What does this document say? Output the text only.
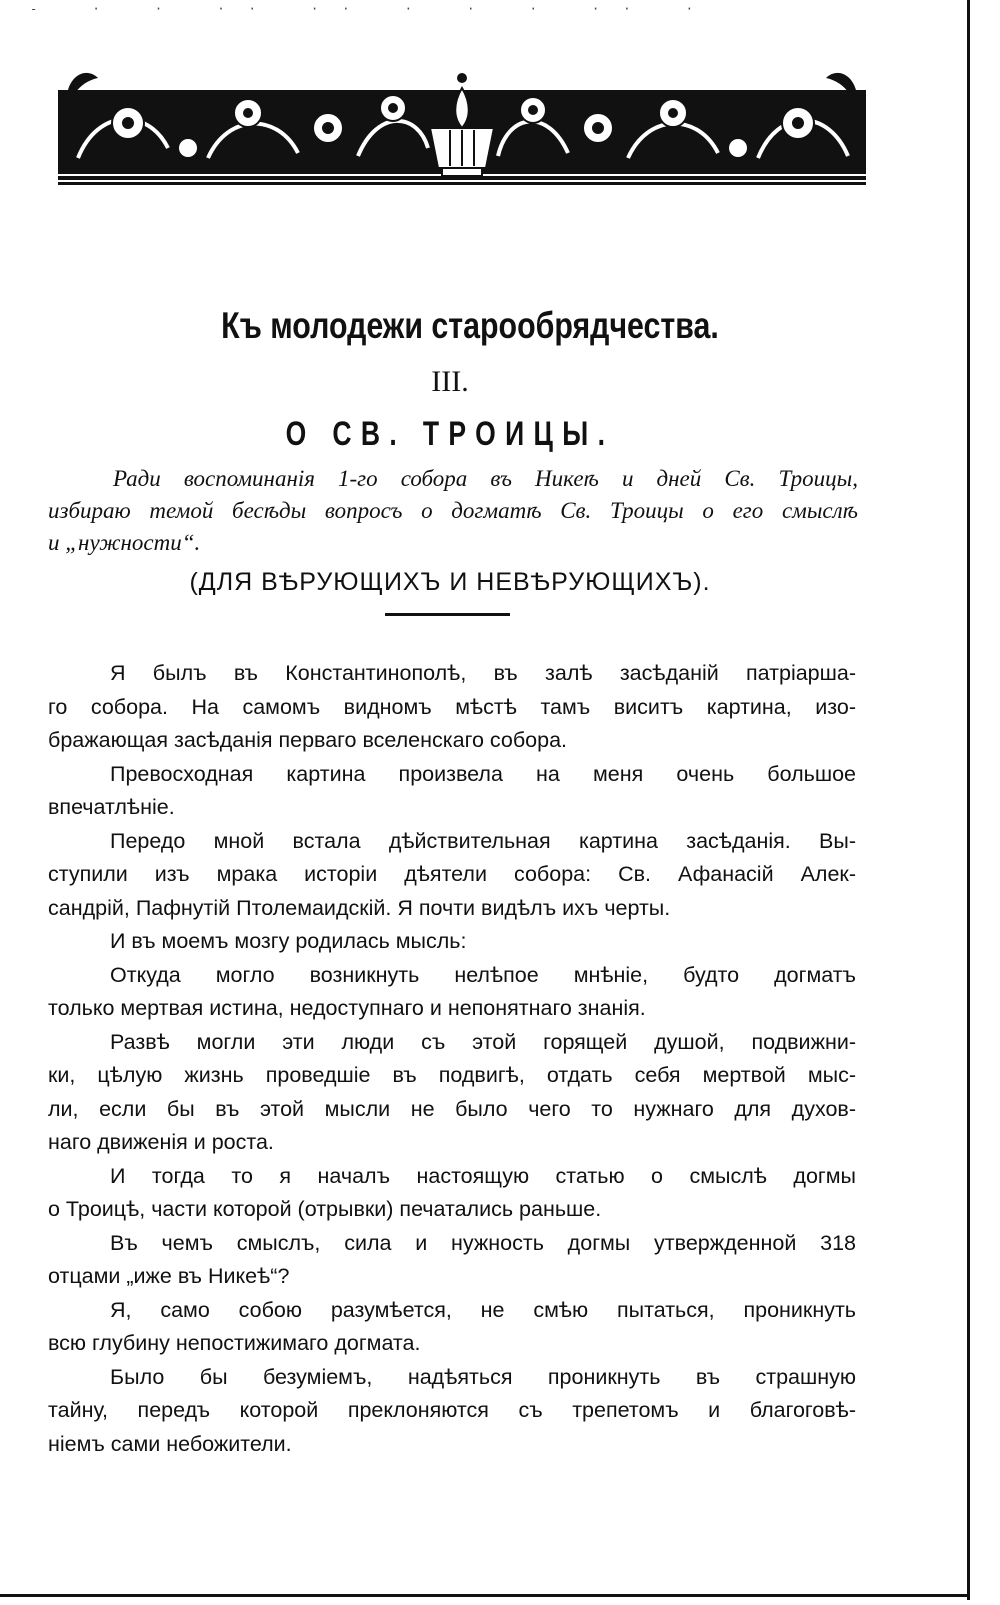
- · · ·· ·· · · · ·· ·
Къ молодежи старообрядчества.
III.
О СВ. ТРОИЦЫ.
Ради воспоминанія 1-го собора въ Никеѣ и дней Св. Троицы,
избираю темой бесѣды вопросъ о догматѣ Св. Троицы о его смыслѣ
и „нужности“.
(ДЛЯ ВѢРУЮЩИХЪ И НЕВѢРУЮЩИХЪ).

Я былъ въ Константинополѣ, въ залѣ засѣданій патріарша-
го собора. На самомъ видномъ мѣстѣ тамъ виситъ картина, изо-
бражающая засѣданія перваго вселенскаго собора.

Превосходная картина произвела на меня очень большое
впечатлѣніе.

Передо мной встала дѣйствительная картина засѣданія. Вы-
ступили изъ мрака исторіи дѣятели собора: Св. Афанасій Алек-
сандрій, Пафнутій Птолемаидскій. Я почти видѣлъ ихъ черты.

И въ моемъ мозгу родилась мысль:

Откуда могло возникнуть нелѣпое мнѣніе, будто догматъ
только мертвая истина, недоступнаго и непонятнаго знанія.

Развѣ могли эти люди съ этой горящей душой, подвижни-
ки, цѣлую жизнь проведшіе въ подвигѣ, отдать себя мертвой мыс-
ли, если бы въ этой мысли не было чего то нужнаго для духов-
наго движенія и роста.

И тогда то я началъ настоящую статью о смыслѣ догмы
о Троицѣ, части которой (отрывки) печатались раньше.

Въ чемъ смыслъ, сила и нужность догмы утвержденной 318
отцами „иже въ Никеѣ“?

Я, само собою разумѣется, не смѣю пытаться, проникнуть
всю глубину непостижимаго догмата.

Было бы безуміемъ, надѣяться проникнуть въ страшную
тайну, передъ которой преклоняются съ трепетомъ и благоговѣ-
ніемъ сами небожители.
